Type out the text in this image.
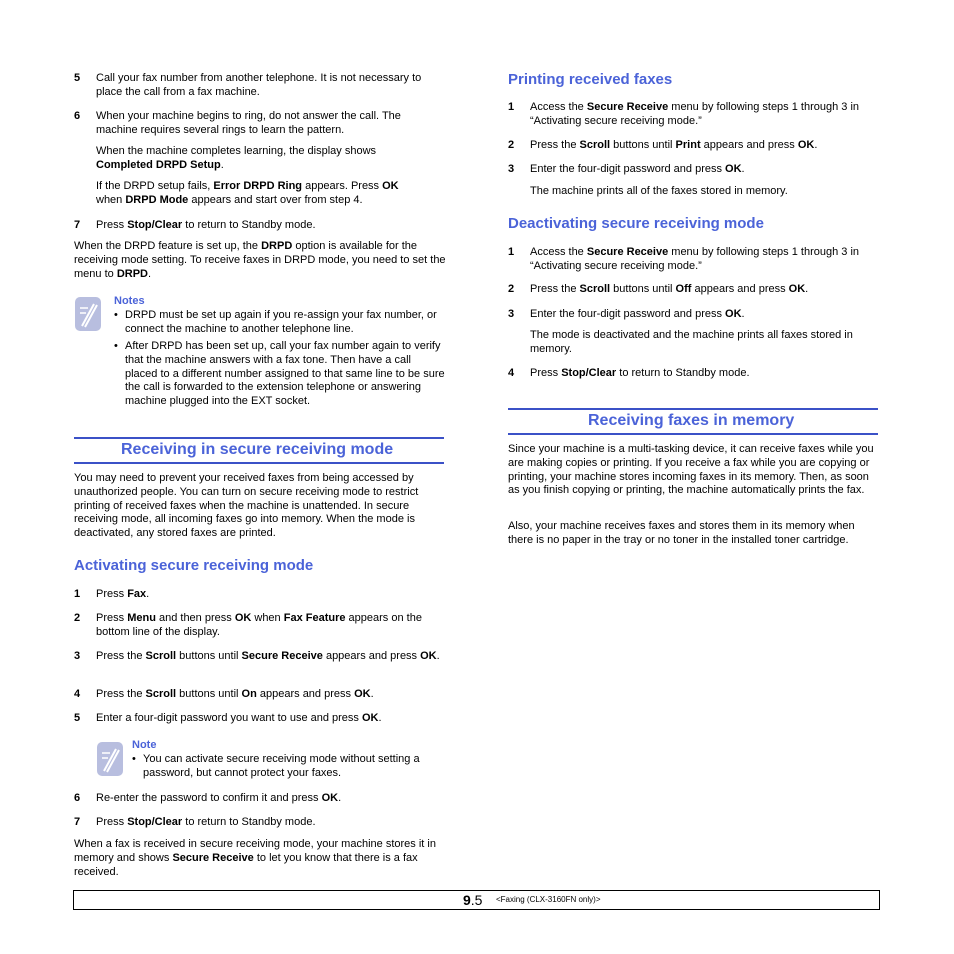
5 Call your fax number from another telephone. It is not necessary to place the call from a fax machine.
6 When your machine begins to ring, do not answer the call. The machine requires several rings to learn the pattern.
When the machine completes learning, the display shows
Completed DRPD Setup.
If the DRPD setup fails, Error DRPD Ring appears. Press OK
when DRPD Mode appears and start over from step 4.
7 Press Stop/Clear to return to Standby mode.
When the DRPD feature is set up, the DRPD option is available for the receiving mode setting. To receive faxes in DRPD mode, you need to set the menu to DRPD.
Notes
• DRPD must be set up again if you re-assign your fax number, or connect the machine to another telephone line.
• After DRPD has been set up, call your fax number again to verify that the machine answers with a fax tone. Then have a call placed to a different number assigned to that same line to be sure the call is forwarded to the extension telephone or answering machine plugged into the EXT socket.
Receiving in secure receiving mode
You may need to prevent your received faxes from being accessed by unauthorized people. You can turn on secure receiving mode to restrict printing of received faxes when the machine is unattended. In secure receiving mode, all incoming faxes go into memory. When the mode is deactivated, any stored faxes are printed.
Activating secure receiving mode
1 Press Fax.
2 Press Menu and then press OK when Fax Feature appears on the bottom line of the display.
3 Press the Scroll buttons until Secure Receive appears and press OK.
4 Press the Scroll buttons until On appears and press OK.
5 Enter a four-digit password you want to use and press OK.
Note
• You can activate secure receiving mode without setting a password, but cannot protect your faxes.
6 Re-enter the password to confirm it and press OK.
7 Press Stop/Clear to return to Standby mode.
When a fax is received in secure receiving mode, your machine stores it in memory and shows Secure Receive to let you know that there is a fax received.
Printing received faxes
1 Access the Secure Receive menu by following steps 1 through 3 in “Activating secure receiving mode.”
2 Press the Scroll buttons until Print appears and press OK.
3 Enter the four-digit password and press OK.
The machine prints all of the faxes stored in memory.
Deactivating secure receiving mode
1 Access the Secure Receive menu by following steps 1 through 3 in “Activating secure receiving mode.”
2 Press the Scroll buttons until Off appears and press OK.
3 Enter the four-digit password and press OK.
The mode is deactivated and the machine prints all faxes stored in memory.
4 Press Stop/Clear to return to Standby mode.
Receiving faxes in memory
Since your machine is a multi-tasking device, it can receive faxes while you are making copies or printing. If you receive a fax while you are copying or printing, your machine stores incoming faxes in its memory. Then, as soon as you finish copying or printing, the machine automatically prints the fax.
Also, your machine receives faxes and stores them in its memory when there is no paper in the tray or no toner in the installed toner cartridge.
9.5 <Faxing (CLX-3160FN only)>
